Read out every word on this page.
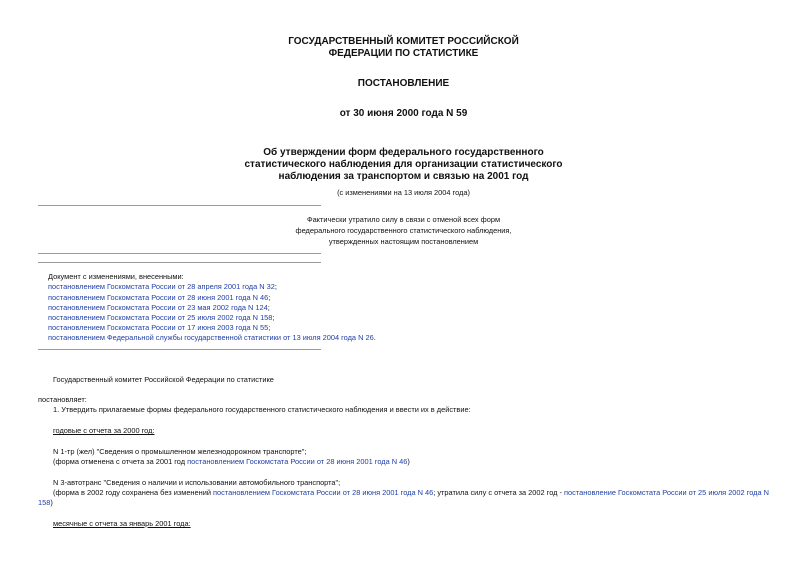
ГОСУДАРСТВЕННЫЙ КОМИТЕТ РОССИЙСКОЙ
ФЕДЕРАЦИИ ПО СТАТИСТИКЕ
ПОСТАНОВЛЕНИЕ
от 30 июня 2000 года N 59
Об утверждении форм федерального государственного
статистического наблюдения для организации статистического
наблюдения за транспортом и связью на 2001 год
(с изменениями на 13 июля 2004 года)
Фактически утратило силу в связи с отменой всех форм
федерального государственного статистического наблюдения,
утвержденных настоящим постановлением
Документ с изменениями, внесенными:
постановлением Госкомстата России от 28 апреля 2001 года N 32;
постановлением Госкомстата России от 28 июня 2001 года N 46;
постановлением Госкомстата России от 23 мая 2002 года N 124;
постановлением Госкомстата России от 25 июля 2002 года N 158;
постановлением Госкомстата России от 17 июня 2003 года N 55;
постановлением Федеральной службы государственной статистики от 13 июля 2004 года N 26.
Государственный комитет Российской Федерации по статистике
постановляет:
1. Утвердить прилагаемые формы федерального государственного статистического наблюдения и ввести их в действие:
годовые с отчета за 2000 год:
N 1-тр (жел) "Сведения о промышленном железнодорожном транспорте";
(форма отменена с отчета за 2001 год постановлением Госкомстата России от 28 июня 2001 года N 46)
N 3-автотранс "Сведения о наличии и использовании автомобильного транспорта";
(форма в 2002 году сохранена без изменений постановлением Госкомстата России от 28 июня 2001 года N 46; утратила силу с отчета за 2002 год - постановление Госкомстата России от 25 июля 2002 года N
158)
месячные с отчета за январь 2001 года:
